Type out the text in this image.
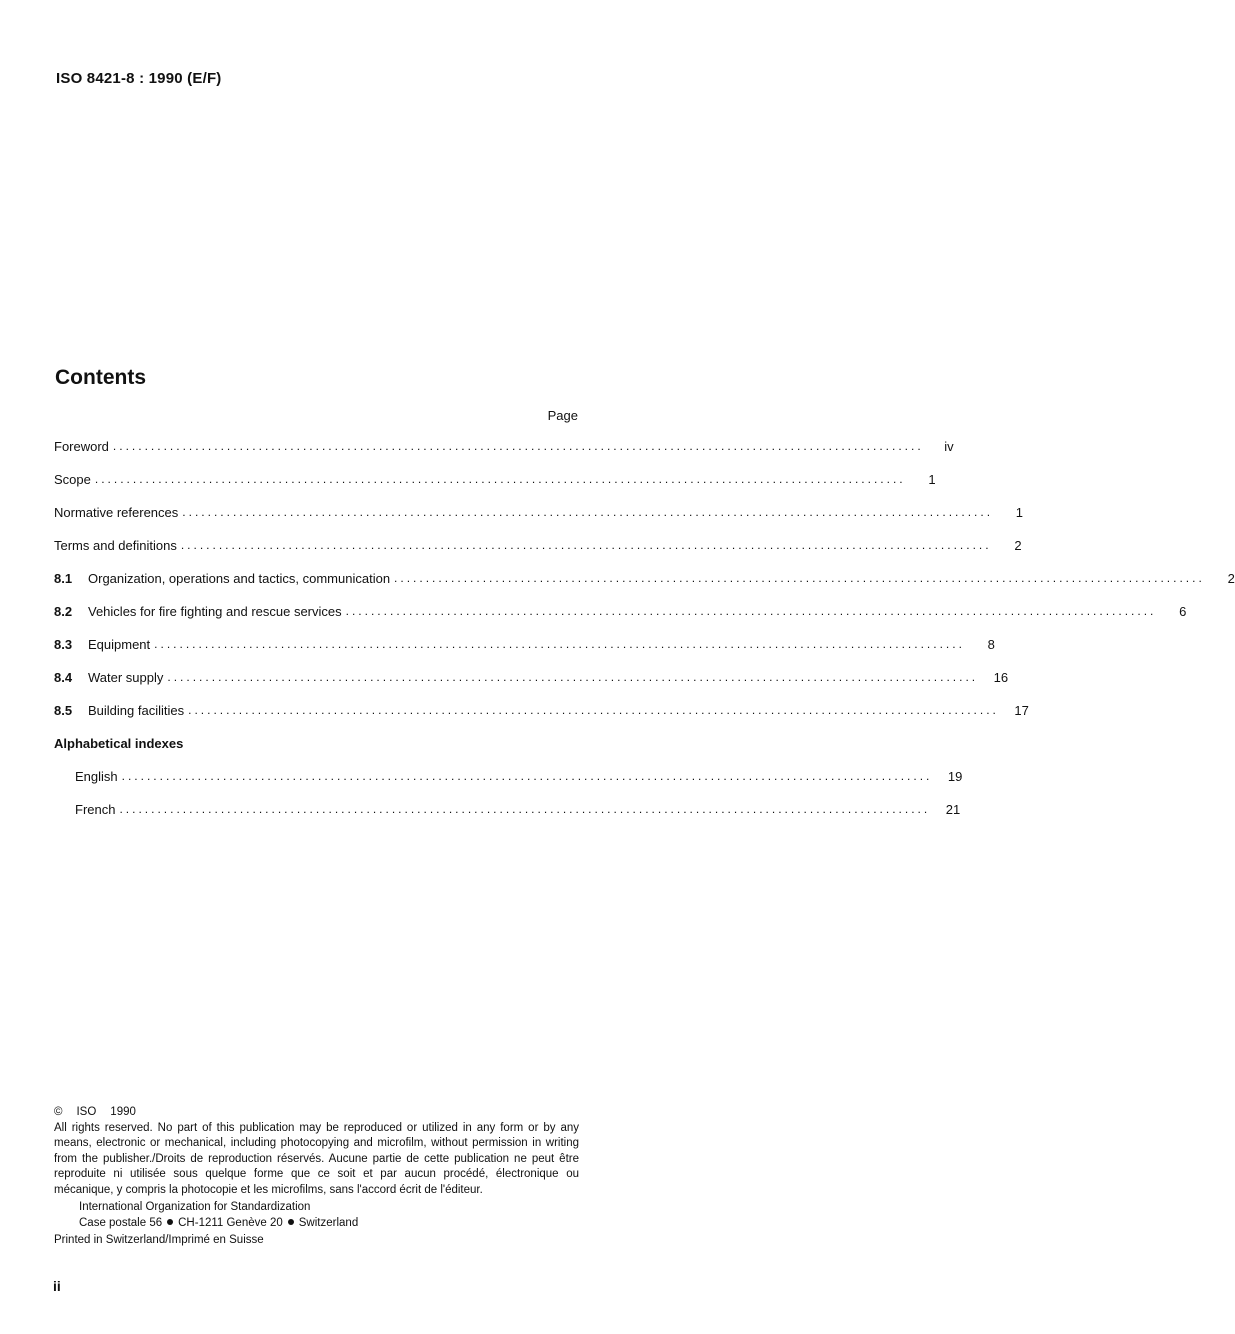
ISO 8421-8 : 1990 (E/F)
Contents
Page
Foreword ................................................................................................................................	iv
Scope ................................................................................................................................	1
Normative references ................................................................................................................................	1
Terms and definitions ................................................................................................................................	2
8.1	Organization, operations and tactics, communication ................................................................................................................................	2
8.2	Vehicles for fire fighting and rescue services ................................................................................................................................	6
8.3	Equipment ................................................................................................................................	8
8.4	Water supply ................................................................................................................................	16
8.5	Building facilities ................................................................................................................................	17
Alphabetical indexes
English ................................................................................................................................	19
French ................................................................................................................................	21
© ISO 1990
All rights reserved. No part of this publication may be reproduced or utilized in any form or by any means, electronic or mechanical, including photocopying and microfilm, without permission in writing from the publisher./Droits de reproduction réservés. Aucune partie de cette publication ne peut être reproduite ni utilisée sous quelque forme que ce soit et par aucun procédé, électronique ou mécanique, y compris la photocopie et les microfilms, sans l'accord écrit de l'éditeur.
International Organization for Standardization
Case postale 56 CH-1211 Genève 20 Switzerland
Printed in Switzerland/Imprimé en Suisse
ii
